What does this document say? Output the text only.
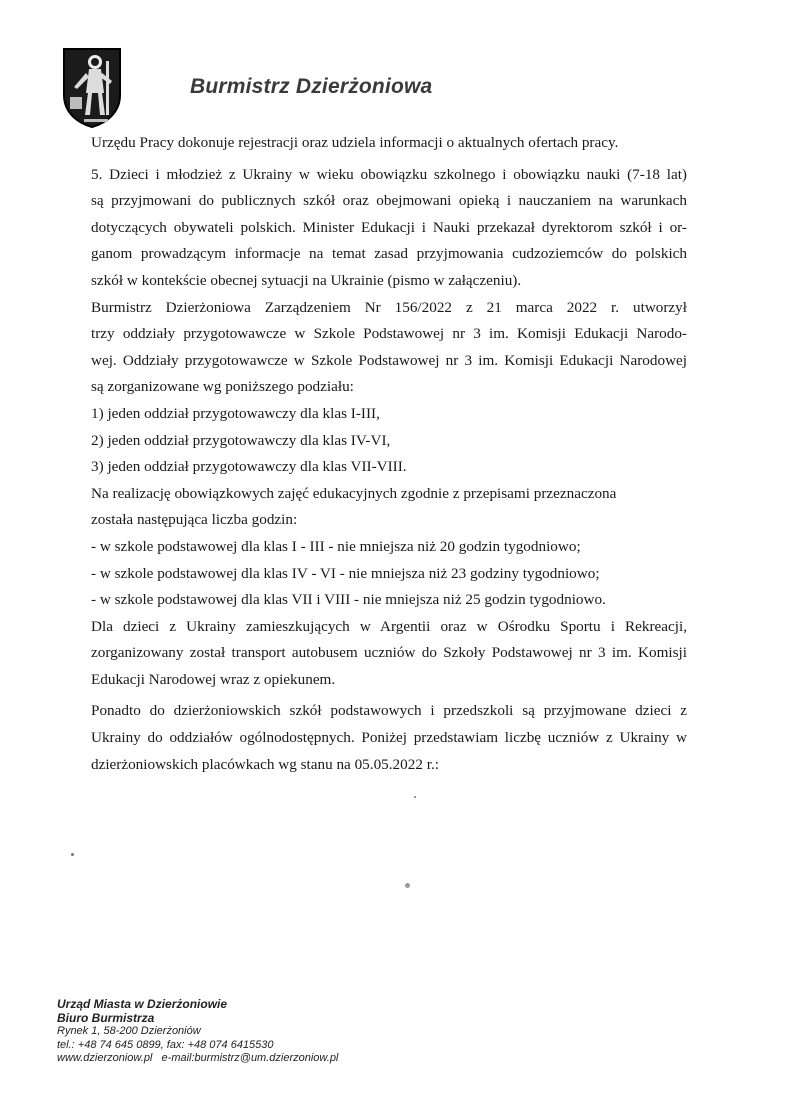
Burmistrz Dzierżoniowa
Urzędu Pracy dokonuje rejestracji oraz udziela informacji o aktualnych ofertach pracy.
5. Dzieci i młodzież z Ukrainy w wieku obowiązku szkolnego i obowiązku nauki (7-18 lat)
są przyjmowani do publicznych szkół oraz obejmowani opieką i nauczaniem na warunkach
dotyczących obywateli polskich. Minister Edukacji i Nauki przekazał dyrektorom szkół i or-
ganom prowadzącym informacje na temat zasad przyjmowania cudzoziemców do polskich
szkół w kontekście obecnej sytuacji na Ukrainie (pismo w załączeniu).
Burmistrz Dzierżoniowa Zarządzeniem Nr 156/2022 z 21 marca 2022 r. utworzył
trzy oddziały przygotowawcze w Szkole Podstawowej nr 3 im. Komisji Edukacji Narodo-
wej. Oddziały przygotowawcze w Szkole Podstawowej nr 3 im. Komisji Edukacji Narodowej
są zorganizowane wg poniższego podziału:
1) jeden oddział przygotowawczy dla klas I-III,
2) jeden oddział przygotowawczy dla klas IV-VI,
3) jeden oddział przygotowawczy dla klas VII-VIII.
Na realizację obowiązkowych zajęć edukacyjnych zgodnie z przepisami przeznaczona
została następująca liczba godzin:
- w szkole podstawowej dla klas I - III - nie mniejsza niż 20 godzin tygodniowo;
- w szkole podstawowej dla klas IV - VI - nie mniejsza niż 23 godziny tygodniowo;
- w szkole podstawowej dla klas VII i VIII - nie mniejsza niż 25 godzin tygodniowo.
Dla dzieci z Ukrainy zamieszkujących w Argentii oraz w Ośrodku Sportu i Rekreacji,
zorganizowany został transport autobusem uczniów do Szkoły Podstawowej nr 3 im. Komisji
Edukacji Narodowej wraz z opiekunem.
Ponadto do dzierżoniowskich szkół podstawowych i przedszkoli są przyjmowane dzieci z
Ukrainy do oddziałów ogólnodostępnych. Poniżej przedstawiam liczbę uczniów z Ukrainy w
dzierżoniowskich placówkach wg stanu na 05.05.2022 r.:
Urząd Miasta w Dzierżoniowie
Biuro Burmistrza
Rynek 1, 58-200 Dzierżoniów
tel.: +48 74 645 0899, fax: +48 074 6415530
www.dzierzoniow.pl e-mail:burmistrz@um.dzierzoniow.pl
